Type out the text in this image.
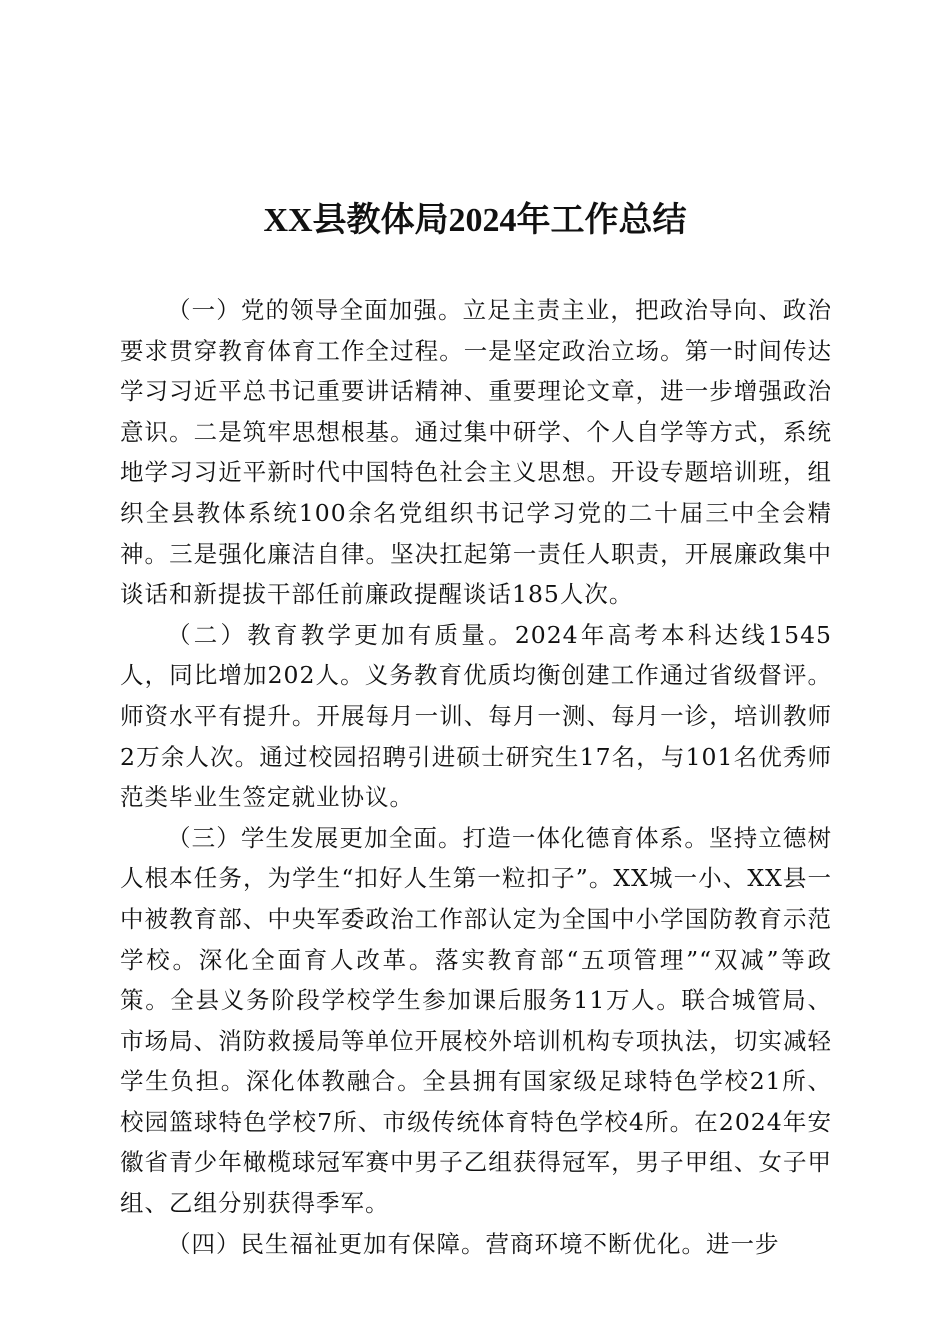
XX县教体局2024年工作总结

（一）党的领导全面加强。立足主责主业，把政治导向、政治要求贯穿教育体育工作全过程。一是坚定政治立场。第一时间传达学习习近平总书记重要讲话精神、重要理论文章，进一步增强政治意识。二是筑牢思想根基。通过集中研学、个人自学等方式，系统地学习习近平新时代中国特色社会主义思想。开设专题培训班，组织全县教体系统100余名党组织书记学习党的二十届三中全会精神。三是强化廉洁自律。坚决扛起第一责任人职责，开展廉政集中谈话和新提拔干部任前廉政提醒谈话185人次。

（二）教育教学更加有质量。2024年高考本科达线1545人，同比增加202人。义务教育优质均衡创建工作通过省级督评。师资水平有提升。开展每月一训、每月一测、每月一诊，培训教师2万余人次。通过校园招聘引进硕士研究生17名，与101名优秀师范类毕业生签定就业协议。

（三）学生发展更加全面。打造一体化德育体系。坚持立德树人根本任务，为学生“扣好人生第一粒扣子”。XX城一小、XX县一中被教育部、中央军委政治工作部认定为全国中小学国防教育示范学校。深化全面育人改革。落实教育部“五项管理”“双减”等政策。全县义务阶段学校学生参加课后服务11万人。联合城管局、市场局、消防救援局等单位开展校外培训机构专项执法，切实减轻学生负担。深化体教融合。全县拥有国家级足球特色学校21所、校园篮球特色学校7所、市级传统体育特色学校4所。在2024年安徽省青少年橄榄球冠军赛中男子乙组获得冠军，男子甲组、女子甲组、乙组分别获得季军。

（四）民生福祉更加有保障。营商环境不断优化。进一步
